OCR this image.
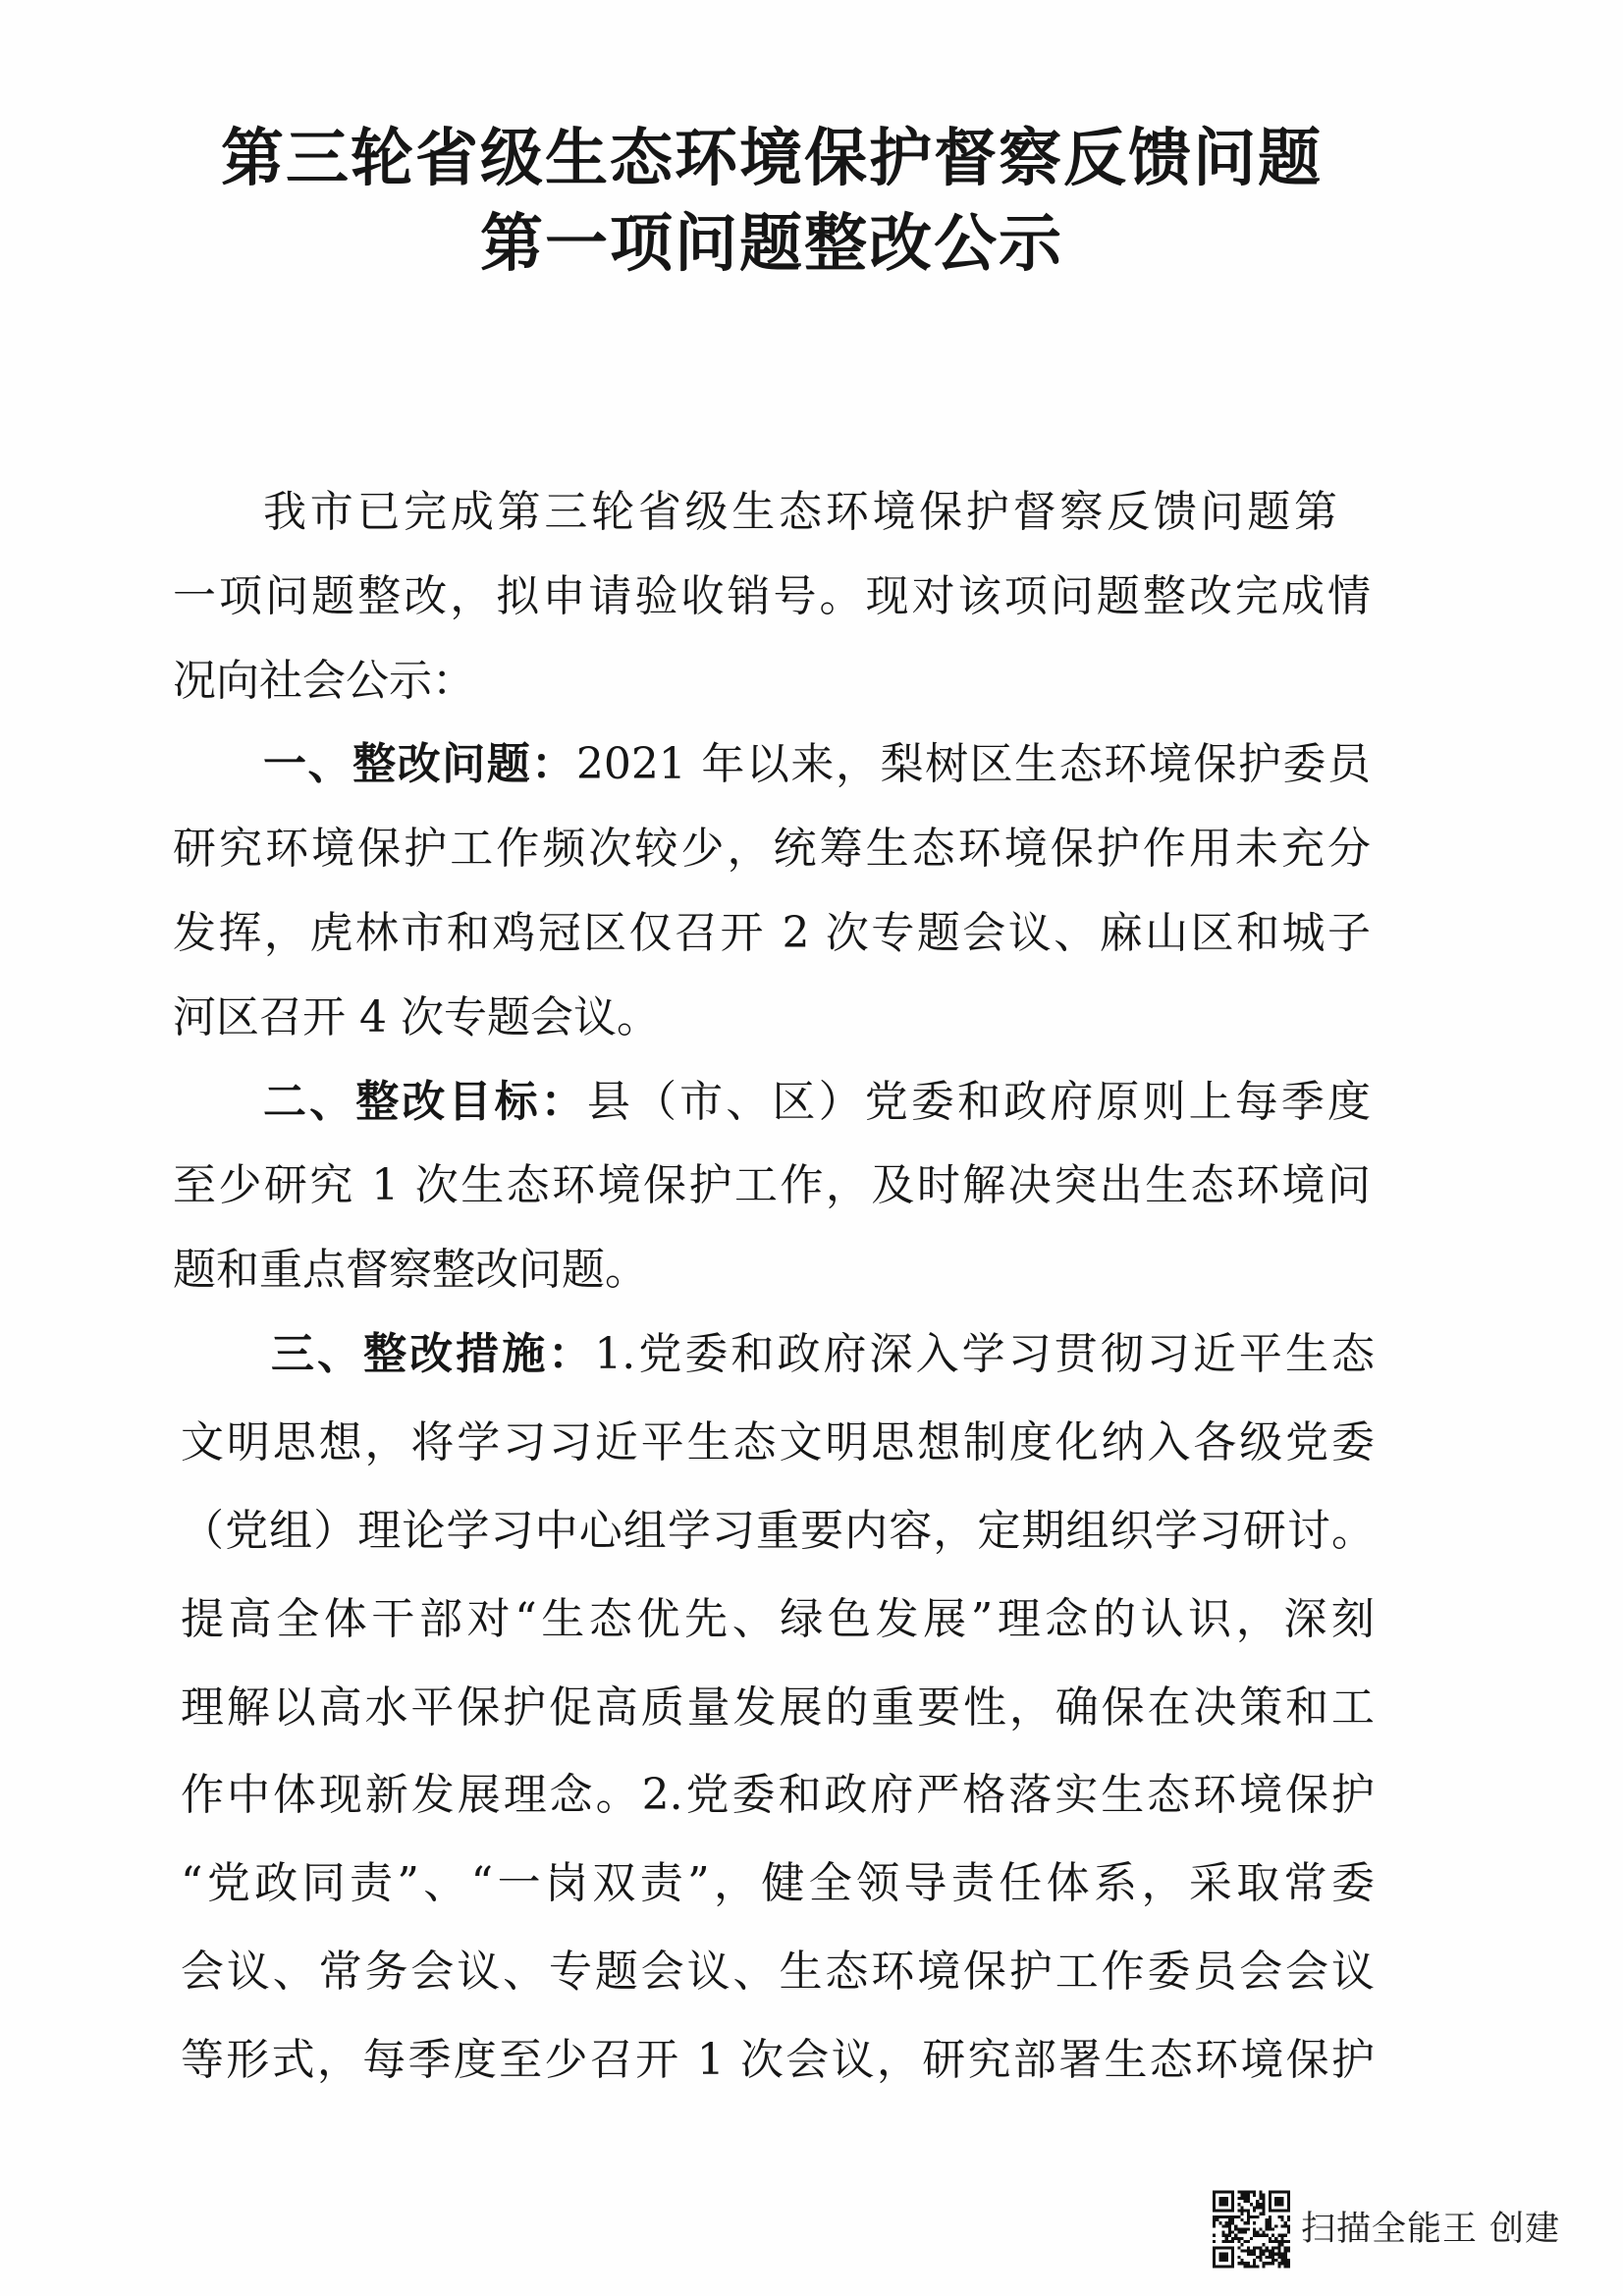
第三轮省级生态环境保护督察反馈问题
第一项问题整改公示
我市已完成第三轮省级生态环境保护督察反馈问题第
一项问题整改，拟申请验收销号。现对该项问题整改完成情
况向社会公示：
一、整改问题：2021 年以来，梨树区生态环境保护委员
研究环境保护工作频次较少，统筹生态环境保护作用未充分
发挥，虎林市和鸡冠区仅召开 2 次专题会议、麻山区和城子
河区召开 4 次专题会议。
二、整改目标：县（市、区）党委和政府原则上每季度
至少研究 1 次生态环境保护工作，及时解决突出生态环境问
题和重点督察整改问题。
三、整改措施：1.党委和政府深入学习贯彻习近平生态
文明思想，将学习习近平生态文明思想制度化纳入各级党委
（党组）理论学习中心组学习重要内容，定期组织学习研讨。
提高全体干部对“生态优先、绿色发展”理念的认识，深刻
理解以高水平保护促高质量发展的重要性，确保在决策和工
作中体现新发展理念。2.党委和政府严格落实生态环境保护
“党政同责”、“一岗双责”，健全领导责任体系，采取常委
会议、常务会议、专题会议、生态环境保护工作委员会会议
等形式，每季度至少召开 1 次会议，研究部署生态环境保护
扫描全能王 创建
